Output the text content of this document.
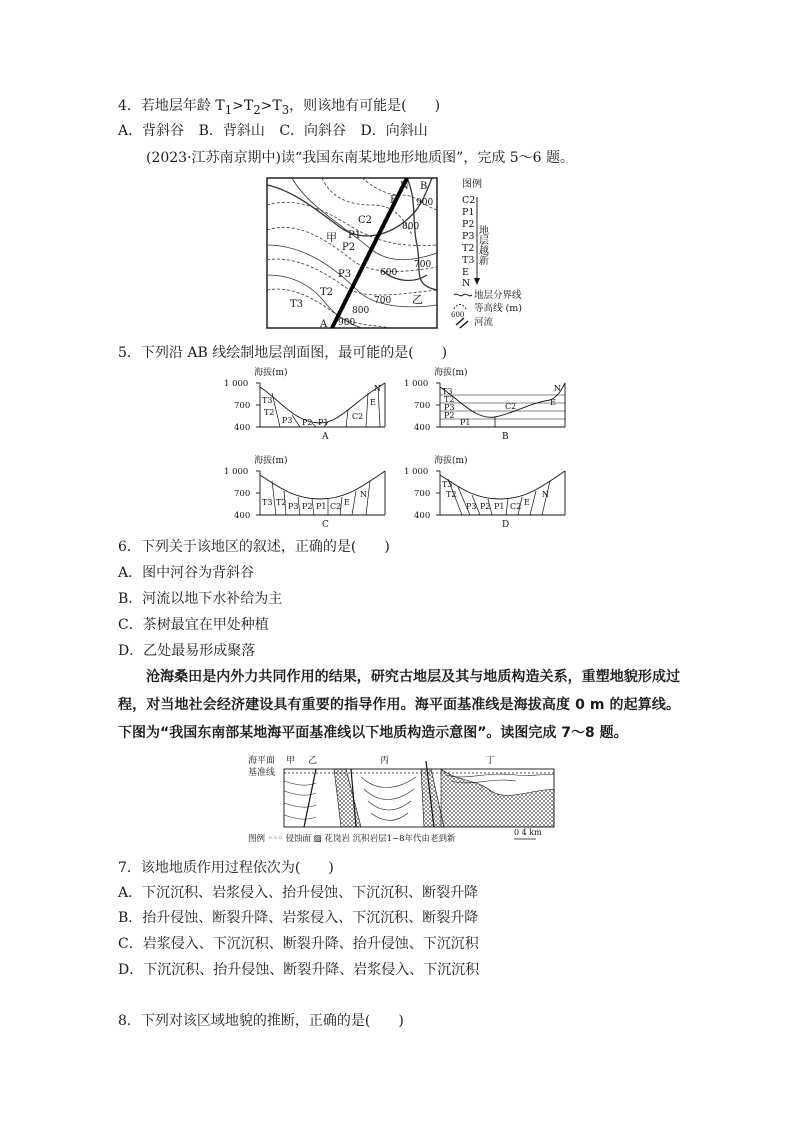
4．若地层年龄 $T_1>T_2>T_3$，则该地有可能是(　　)
A．背斜谷 B．背斜山 C．向斜谷 D．向斜山
(2023·江苏南京期中)读“我国东南某地地形地质图”，完成 5～6 题。
N B
A
甲
乙
900
800
600
700
700
800
900
C2
P1
P2
P3
T2
T3
E
图例
C2
P1
P2
P3
T2
T3
E
N
地层越新
地层分界线
600
等高线 (m)
河流
5．下列沿 AB 线绘制地层剖面图，最可能的是(　　)
海拔(m)
1 000
700
400
T3
T2
P3 P2 P1
C2
E
N
A
海拔(m)
1 000
700
400
T3
T2
P3
P2
P1
C2	E
N
B
海拔(m)
1 000
700
400
T3 T2 P3 P2 P1 C2 E
N
C
海拔(m)
1 000
700
400
T3
T2
P3 P2 P1 C2 E
N
D
6．下列关于该地区的叙述，正确的是(　　)
A．图中河谷为背斜谷
B．河流以地下水补给为主
C．茶树最宜在甲处种植
D．乙处最易形成聚落
沧海桑田是内外力共同作用的结果，研究古地层及其与地质构造关系，重塑地貌形成过程，对当地社会经济建设具有重要的指导作用。海平面基准线是海拔高度 0 m 的起算线。下图为“我国东南部某地海平面基准线以下地质构造示意图”。读图完成 7～8 题。
海平面
基准线
甲 乙	丙	丁
图例 ◦◦◦ 侵蚀面 ▨ 花岗岩 沉积岩层1~8年代由老到新
0 4 km
7．该地地质作用过程依次为(　　)
A．下沉沉积、岩浆侵入、抬升侵蚀、下沉沉积、断裂升降
B．抬升侵蚀、断裂升降、岩浆侵入、下沉沉积、断裂升降
C．岩浆侵入、下沉沉积、断裂升降、抬升侵蚀、下沉沉积
D．下沉沉积、抬升侵蚀、断裂升降、岩浆侵入、下沉沉积
8．下列对该区域地貌的推断，正确的是(　　)
